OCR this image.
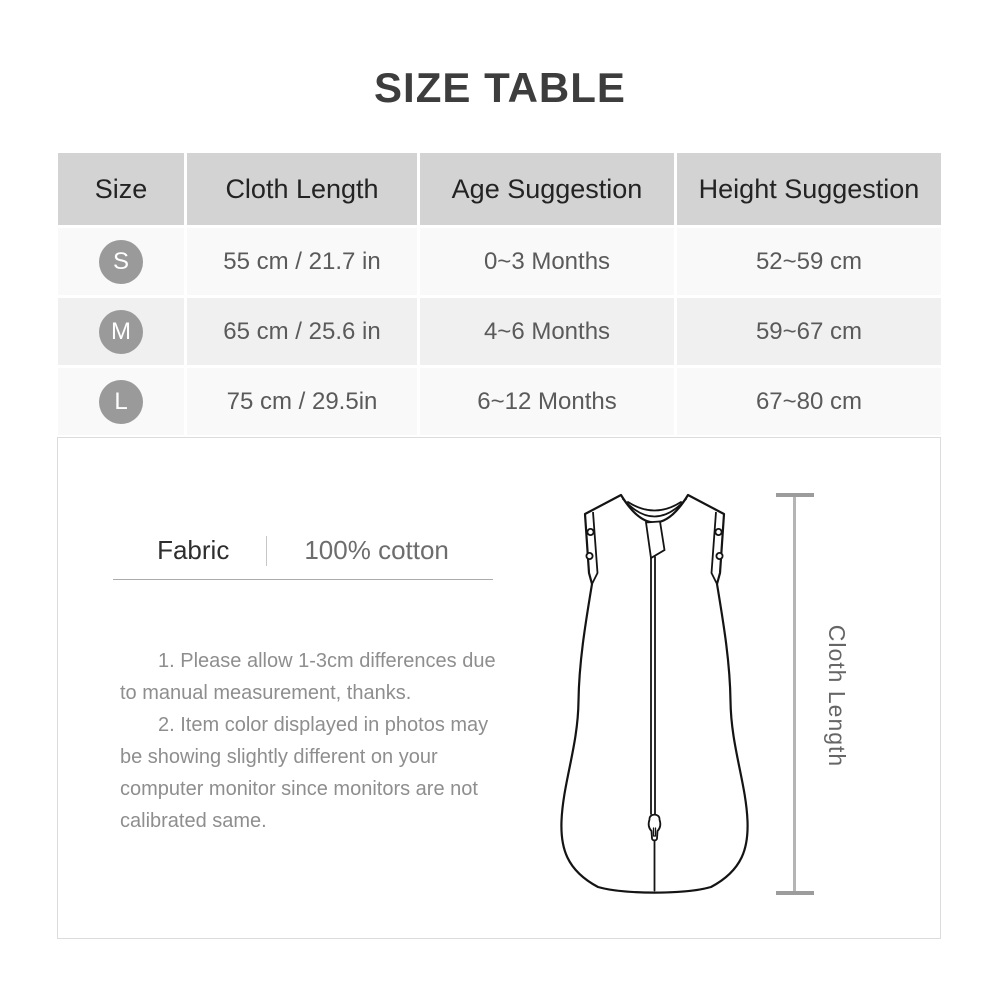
SIZE TABLE
Size	Cloth Length	Age Suggestion	Height Suggestion
S	55 cm / 21.7 in	0~3 Months	52~59 cm
M	65 cm / 25.6 in	4~6 Months	59~67 cm
L	75 cm / 29.5in	6~12 Months	67~80 cm
Fabric	100% cotton
1. Please allow 1-3cm differences due
to manual measurement, thanks.
2. Item color displayed in photos may
be showing slightly different on your
computer monitor since monitors are not
calibrated same.
Cloth Length
